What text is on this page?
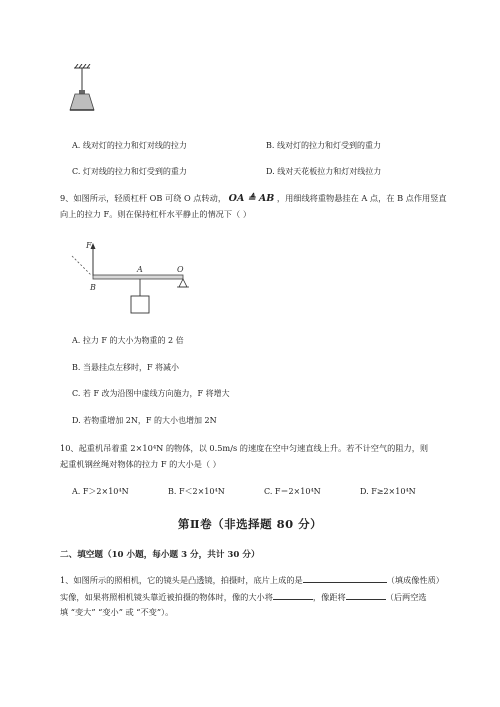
A. 线对灯的拉力和灯对线的拉力	B. 线对灯的拉力和灯受到的重力
C. 灯对线的拉力和灯受到的重力	D. 线对天花板拉力和灯对线拉力
9、如图所示，轻质杠杆 OB 可绕 O 点转动， OA ≜ AB ，用细线将重物悬挂在 A 点，在 B 点作用竖直
向上的拉力 F。则在保持杠杆水平静止的情况下（ ）
F
B
A	O
A. 拉力 F 的大小为物重的 2 倍
B. 当悬挂点左移时，F 将减小
C. 若 F 改为沿图中虚线方向施力，F 将增大
D. 若物重增加 2N，F 的大小也增加 2N
10、起重机吊着重 2×10⁴N 的物体，以 0.5m/s 的速度在空中匀速直线上升。若不计空气的阻力，则
起重机钢丝绳对物体的拉力 F 的大小是（ ）
A. F＞2×10⁴N	B. F＜2×10⁴N	C. F＝2×10⁴N	D. F≥2×10⁴N
第Ⅱ卷（非选择题 80 分）
二、填空题（10 小题，每小题 3 分，共计 30 分）
1、如图所示的照相机，它的镜头是凸透镜，拍摄时，底片上成的是	（填成像性质）
实像，如果将照相机镜头靠近被拍摄的物体时，像的大小将	，像距将	（后两空选
填 “变大” “变小” 或 “不变”）。
